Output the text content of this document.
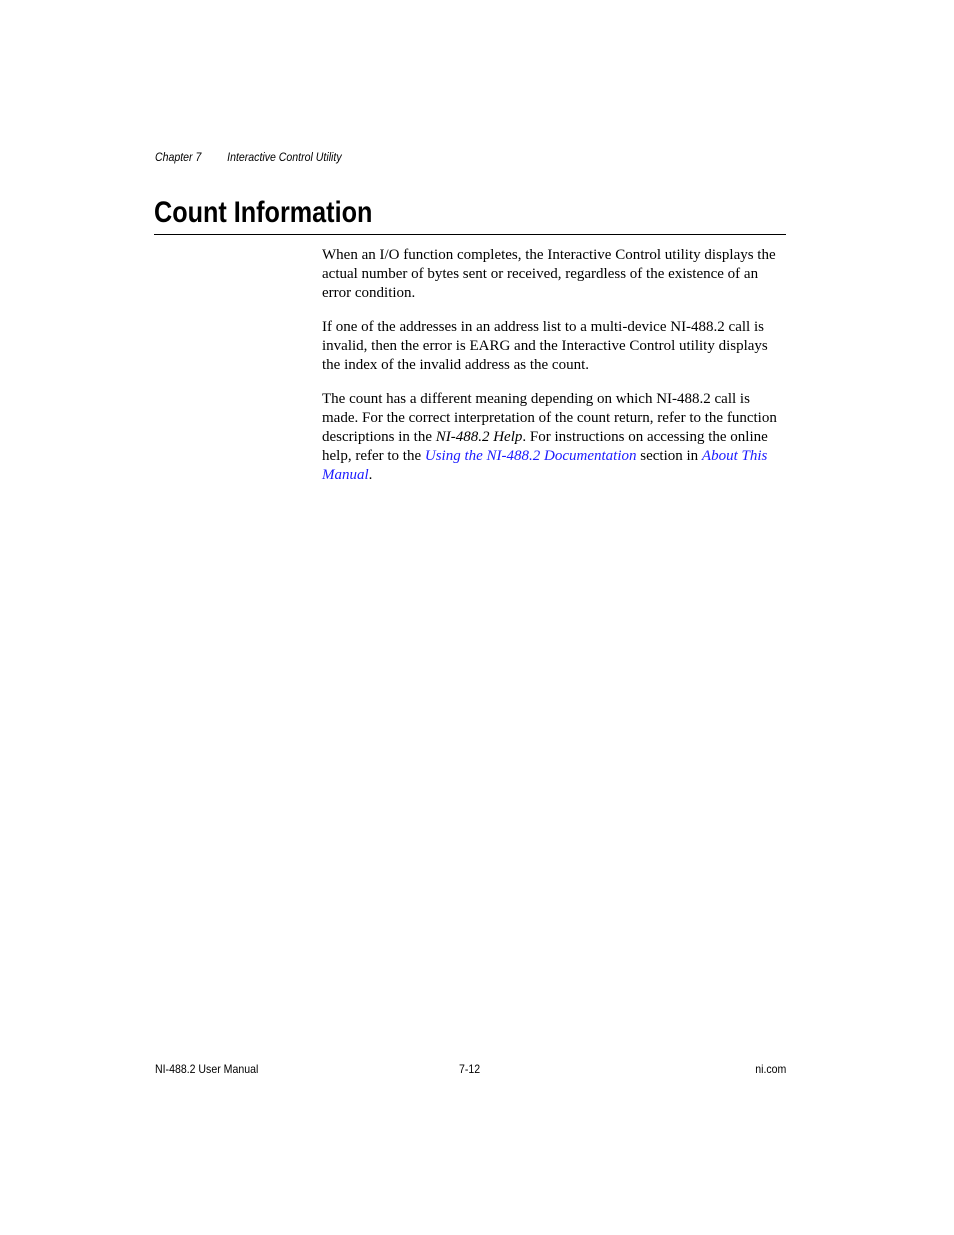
Chapter 7 Interactive Control Utility
Count Information

When an I/O function completes, the Interactive Control utility displays the actual number of bytes sent or received, regardless of the existence of an error condition.

If one of the addresses in an address list to a multi-device NI-488.2 call is invalid, then the error is EARG and the Interactive Control utility displays the index of the invalid address as the count.

The count has a different meaning depending on which NI-488.2 call is made. For the correct interpretation of the count return, refer to the function descriptions in the NI-488.2 Help. For instructions on accessing the online help, refer to the Using the NI-488.2 Documentation section in About This Manual.

NI-488.2 User Manual	7-12	ni.com
